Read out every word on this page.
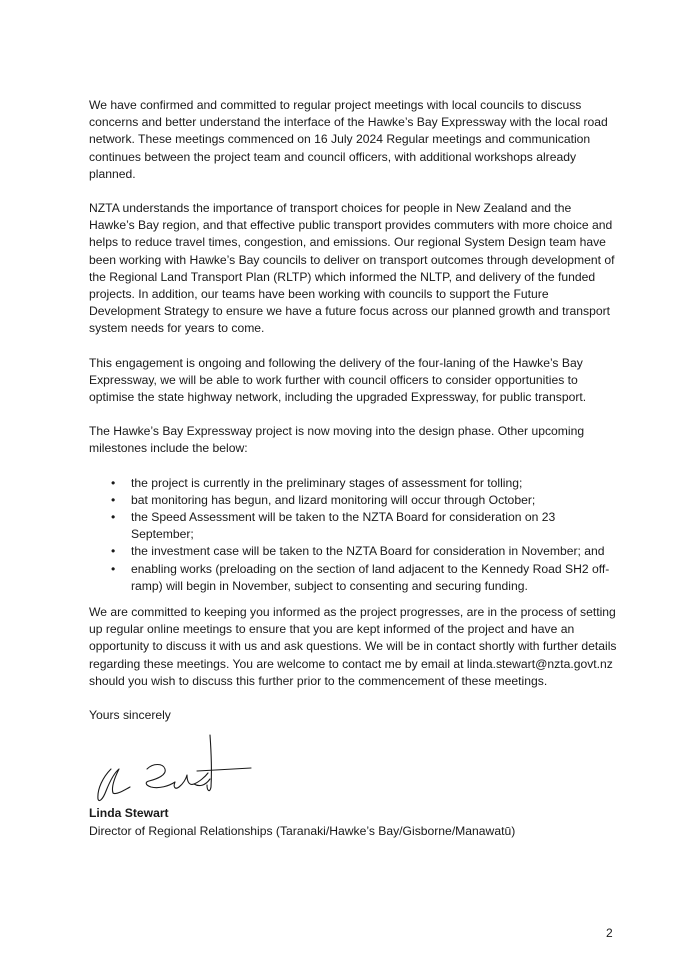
We have confirmed and committed to regular project meetings with local councils to discuss concerns and better understand the interface of the Hawke’s Bay Expressway with the local road network. These meetings commenced on 16 July 2024 Regular meetings and communication continues between the project team and council officers, with additional workshops already planned.

NZTA understands the importance of transport choices for people in New Zealand and the Hawke’s Bay region, and that effective public transport provides commuters with more choice and helps to reduce travel times, congestion, and emissions. Our regional System Design team have been working with Hawke’s Bay councils to deliver on transport outcomes through development of the Regional Land Transport Plan (RLTP) which informed the NLTP, and delivery of the funded projects. In addition, our teams have been working with councils to support the Future Development Strategy to ensure we have a future focus across our planned growth and transport system needs for years to come.

This engagement is ongoing and following the delivery of the four-laning of the Hawke’s Bay Expressway, we will be able to work further with council officers to consider opportunities to optimise the state highway network, including the upgraded Expressway, for public transport.

The Hawke’s Bay Expressway project is now moving into the design phase. Other upcoming milestones include the below:

• the project is currently in the preliminary stages of assessment for tolling;
• bat monitoring has begun, and lizard monitoring will occur through October;
• the Speed Assessment will be taken to the NZTA Board for consideration on 23 September;
• the investment case will be taken to the NZTA Board for consideration in November; and
• enabling works (preloading on the section of land adjacent to the Kennedy Road SH2 off-ramp) will begin in November, subject to consenting and securing funding.

We are committed to keeping you informed as the project progresses, are in the process of setting up regular online meetings to ensure that you are kept informed of the project and have an opportunity to discuss it with us and ask questions. We will be in contact shortly with further details regarding these meetings. You are welcome to contact me by email at linda.stewart@nzta.govt.nz should you wish to discuss this further prior to the commencement of these meetings.

Yours sincerely

Linda Stewart

Director of Regional Relationships (Taranaki/Hawke’s Bay/Gisborne/Manawatū)

2
